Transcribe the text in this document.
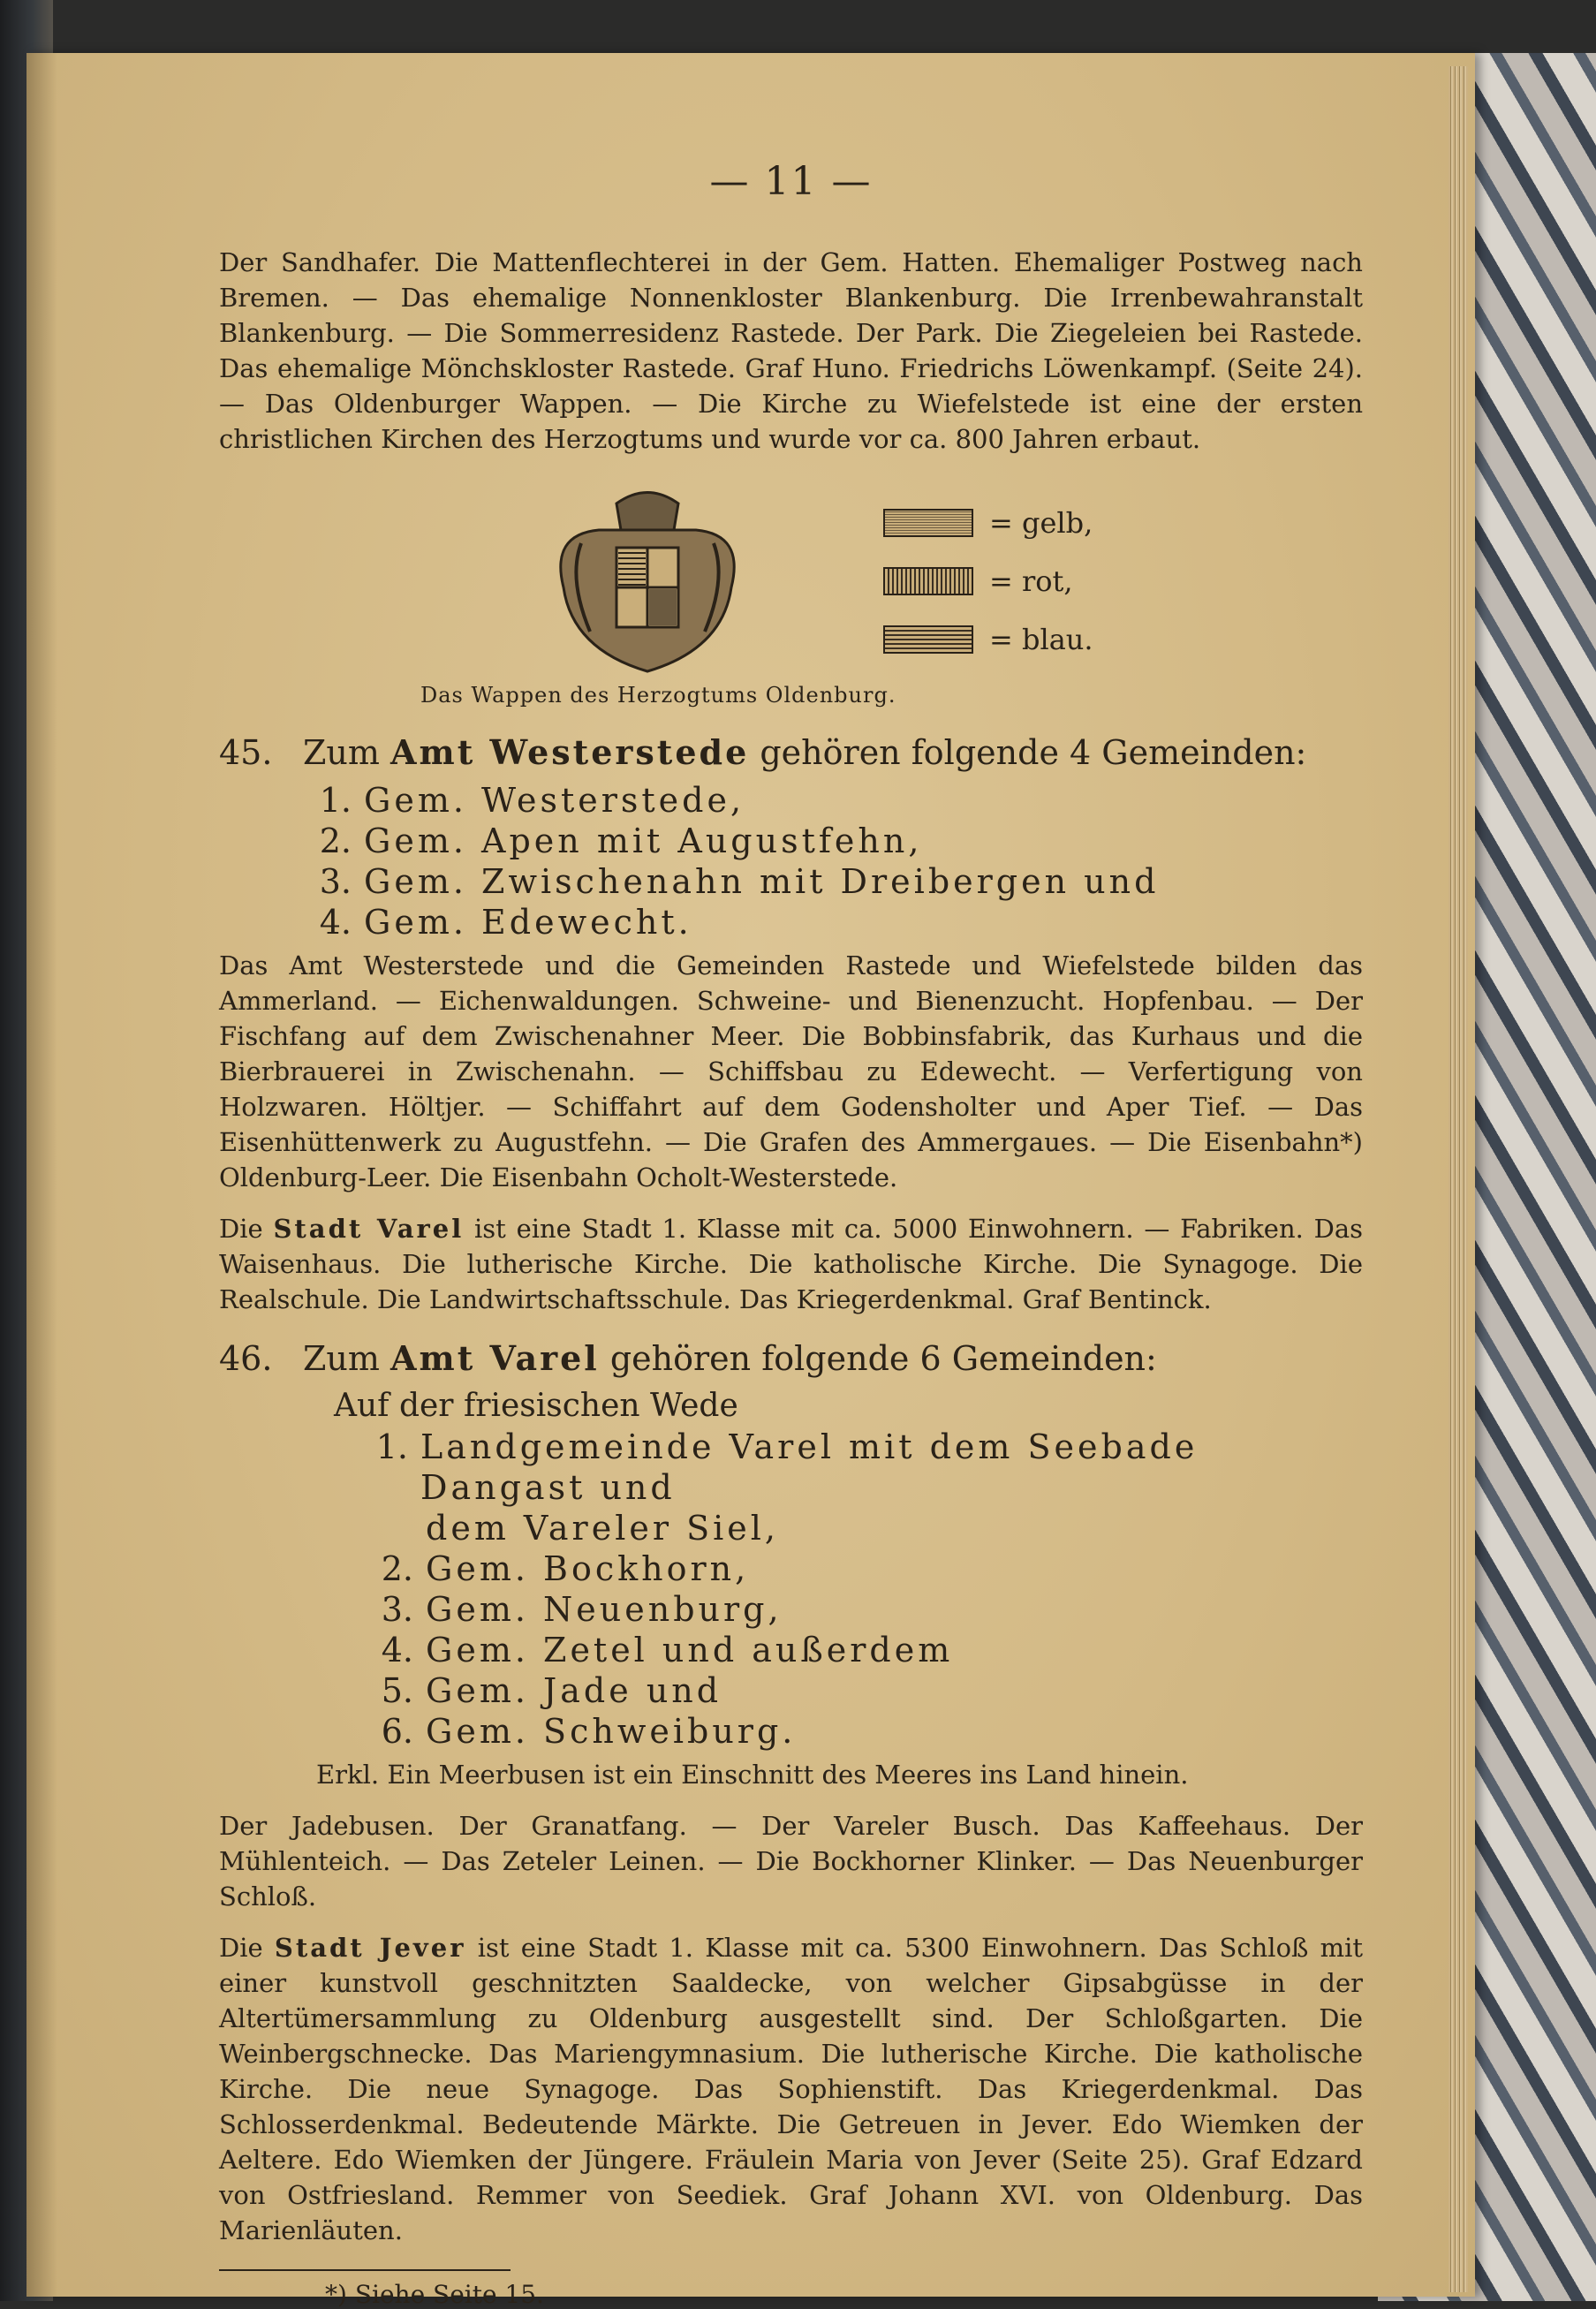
— 11 —

Der Sandhafer. Die Mattenflechterei in der Gem. Hatten. Ehemaliger Postweg nach Bremen. — Das ehemalige Nonnenkloster Blankenburg. Die Irrenbewahranstalt Blankenburg. — Die Sommerresidenz Rastede. Der Park. Die Ziegeleien bei Rastede. Das ehemalige Mönchskloster Rastede. Graf Huno. Friedrichs Löwenkampf. (Seite 24). — Das Oldenburger Wappen. — Die Kirche zu Wiefelstede ist eine der ersten christlichen Kirchen des Herzogtums und wurde vor ca. 800 Jahren erbaut.

= gelb,
= rot,
= blau.
Das Wappen des Herzogtums Oldenburg.
45. Zum Amt Westerstede gehören folgende 4 Gemeinden:
1. Gem. Westerstede,
2. Gem. Apen mit Augustfehn,
3. Gem. Zwischenahn mit Dreibergen und
4. Gem. Edewecht.

Das Amt Westerstede und die Gemeinden Rastede und Wiefelstede bilden das Ammerland. — Eichenwaldungen. Schweine- und Bienenzucht. Hopfenbau. — Der Fischfang auf dem Zwischenahner Meer. Die Bobbinsfabrik, das Kurhaus und die Bierbrauerei in Zwischenahn. — Schiffsbau zu Edewecht. — Verfertigung von Holzwaren. Höltjer. — Schiffahrt auf dem Godensholter und Aper Tief. — Das Eisenhüttenwerk zu Augustfehn. — Die Grafen des Ammergaues. — Die Eisenbahn*) Oldenburg-Leer. Die Eisenbahn Ocholt-Westerstede.

Die Stadt Varel ist eine Stadt 1. Klasse mit ca. 5000 Einwohnern. — Fabriken. Das Waisenhaus. Die lutherische Kirche. Die katholische Kirche. Die Synagoge. Die Realschule. Die Landwirtschaftsschule. Das Kriegerdenkmal. Graf Bentinck.

46. Zum Amt Varel gehören folgende 6 Gemeinden:
Auf der friesischen Wede
1. Landgemeinde Varel mit dem Seebade Dangast und
dem Vareler Siel,
2. Gem. Bockhorn,
3. Gem. Neuenburg,
4. Gem. Zetel und außerdem
5. Gem. Jade und
6. Gem. Schweiburg.
Erkl. Ein Meerbusen ist ein Einschnitt des Meeres ins Land hinein.

Der Jadebusen. Der Granatfang. — Der Vareler Busch. Das Kaffeehaus. Der Mühlenteich. — Das Zeteler Leinen. — Die Bockhorner Klinker. — Das Neuenburger Schloß.

Die Stadt Jever ist eine Stadt 1. Klasse mit ca. 5300 Einwohnern. Das Schloß mit einer kunstvoll geschnitzten Saaldecke, von welcher Gipsabgüsse in der Altertümersammlung zu Oldenburg ausgestellt sind. Der Schloßgarten. Die Weinbergschnecke. Das Mariengymnasium. Die lutherische Kirche. Die katholische Kirche. Die neue Synagoge. Das Sophienstift. Das Kriegerdenkmal. Das Schlosserdenkmal. Bedeutende Märkte. Die Getreuen in Jever. Edo Wiemken der Aeltere. Edo Wiemken der Jüngere. Fräulein Maria von Jever (Seite 25). Graf Edzard von Ostfriesland. Remmer von Seediek. Graf Johann XVI. von Oldenburg. Das Marienläuten.

*) Siehe Seite 15.
